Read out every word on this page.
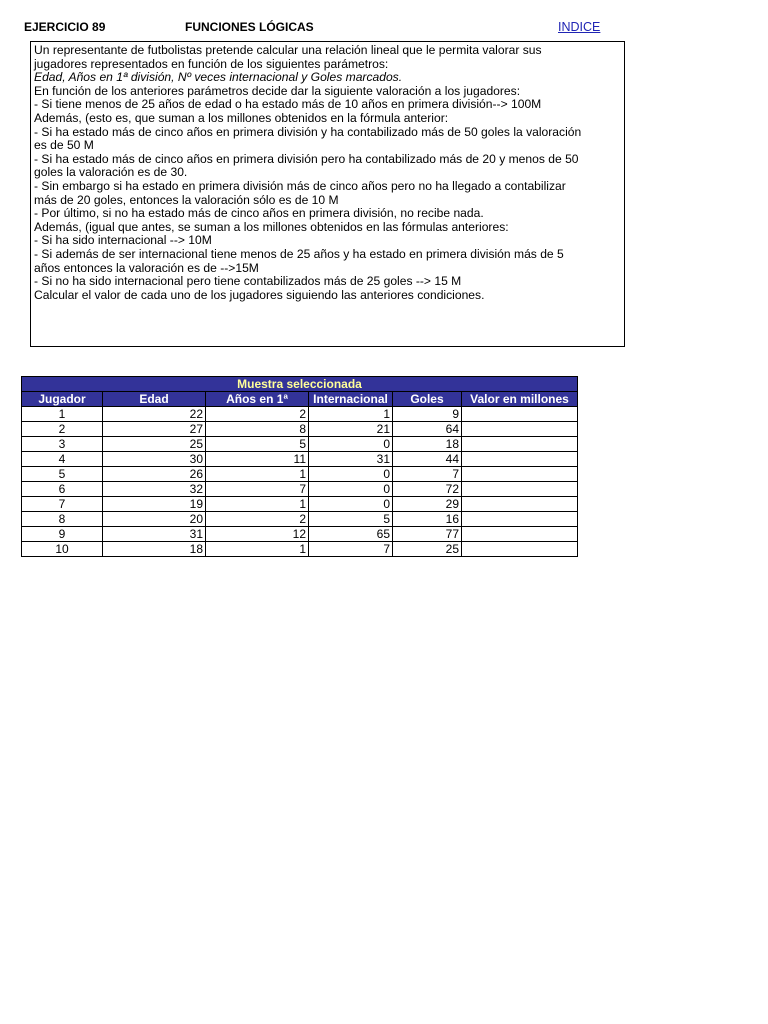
EJERCICIO 89	FUNCIONES LÓGICAS	INDICE
Un representante de futbolistas pretende calcular una relación lineal que le permita valorar sus
jugadores representados en función de los siguientes parámetros:
Edad, Años en 1ª división, Nº veces internacional y Goles marcados.
En función de los anteriores parámetros decide dar la siguiente valoración a los jugadores:
- Si tiene menos de 25 años de edad o ha estado más de 10 años en primera división--> 100M
Además, (esto es, que suman a los millones obtenidos en la fórmula anterior:
- Si ha estado más de cinco años en primera división y ha contabilizado más de 50 goles la valoración
es de 50 M
- Si ha estado más de cinco años en primera división pero ha contabilizado más de 20 y menos de 50
goles la valoración es de 30.
- Sin embargo si ha estado en primera división más de cinco años pero no ha llegado a contabilizar
más de 20 goles, entonces la valoración sólo es de 10 M
- Por último, si no ha estado más de cinco años en primera división, no recibe nada.
Además, (igual que antes, se suman a los millones obtenidos en las fórmulas anteriores:
- Si ha sido internacional --> 10M
- Si además de ser internacional tiene menos de 25 años y ha estado en primera división más de 5
años entonces la valoración es de -->15M
- Si no ha sido internacional pero tiene contabilizados más de 25 goles --> 15 M
Calcular el valor de cada uno de los jugadores siguiendo las anteriores condiciones.
Muestra seleccionada					
Jugador	Edad	Años en 1ª	Internacional	Goles	Valor en millones
1	22	2	1	9	
2	27	8	21	64	
3	25	5	0	18	
4	30	11	31	44	
5	26	1	0	7	
6	32	7	0	72	
7	19	1	0	29	
8	20	2	5	16	
9	31	12	65	77	
10	18	1	7	25	
